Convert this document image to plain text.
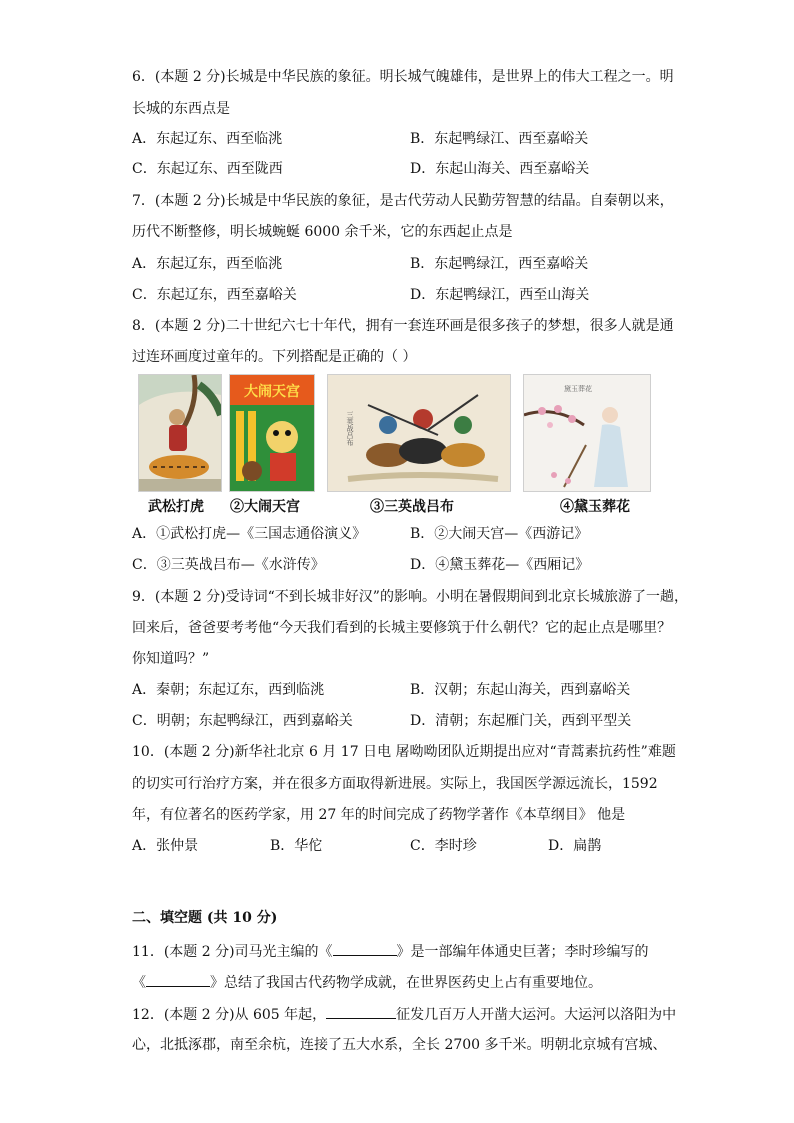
6．(本题 2 分)长城是中华民族的象征。明长城气魄雄伟，是世界上的伟大工程之一。明
长城的东西点是
A．东起辽东、西至临洮	B．东起鸭绿江、西至嘉峪关
C．东起辽东、西至陇西	D．东起山海关、西至嘉峪关
7．(本题 2 分)长城是中华民族的象征，是古代劳动人民勤劳智慧的结晶。自秦朝以来，
历代不断整修，明长城蜿蜒 6000 余千米，它的东西起止点是
A．东起辽东，西至临洮	B．东起鸭绿江，西至嘉峪关
C．东起辽东，西至嘉峪关	D．东起鸭绿江，西至山海关
8．(本题 2 分)二十世纪六七十年代，拥有一套连环画是很多孩子的梦想，很多人就是通
过连环画度过童年的。下列搭配是正确的（ ）
大闹天宫
三英战吕布
黛玉葬花
武松打虎 ②大闹天宫	③三英战吕布	④黛玉葬花
A．①武松打虎—《三国志通俗演义》	B．②大闹天宫—《西游记》
C．③三英战吕布—《水浒传》	D．④黛玉葬花—《西厢记》
9．(本题 2 分)受诗词“不到长城非好汉”的影响。小明在暑假期间到北京长城旅游了一趟，
回来后，爸爸要考考他“今天我们看到的长城主要修筑于什么朝代？它的起止点是哪里？
你知道吗？”
A．秦朝；东起辽东，西到临洮	B．汉朝；东起山海关，西到嘉峪关
C．明朝；东起鸭绿江，西到嘉峪关	D．清朝；东起雁门关，西到平型关
10．(本题 2 分)新华社北京 6 月 17 日电 屠呦呦团队近期提出应对“青蒿素抗药性”难题
的切实可行治疗方案，并在很多方面取得新进展。实际上，我国医学源远流长，1592
年，有位著名的医药学家，用 27 年的时间完成了药物学著作《本草纲目》 他是
A．张仲景	B．华佗	C．李时珍	D．扁鹊
二、填空题 (共 10 分)
11．(本题 2 分)司马光主编的《	》是一部编年体通史巨著；李时珍编写的
《	》总结了我国古代药物学成就，在世界医药史上占有重要地位。
12．(本题 2 分)从 605 年起，	征发几百万人开凿大运河。大运河以洛阳为中
心，北抵涿郡，南至余杭，连接了五大水系，全长 2700 多千米。明朝北京城有宫城、
